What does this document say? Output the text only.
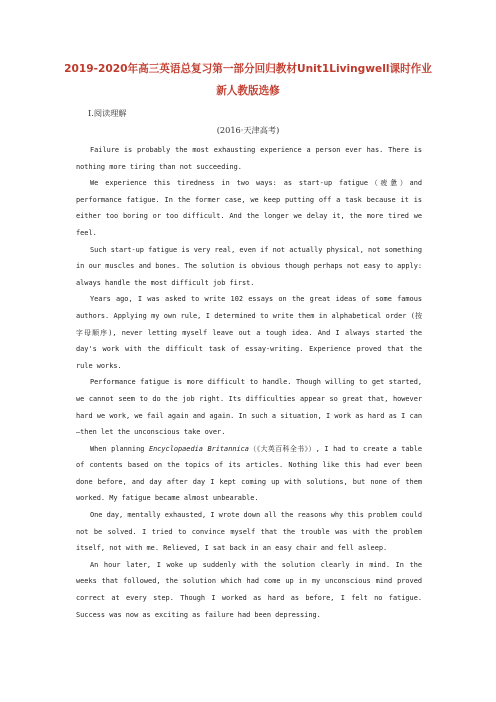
2019-2020年高三英语总复习第一部分回归教材Unit1Livingwell课时作业新人教版选修
Ⅰ.阅读理解
(2016·天津高考)

Failure is probably the most exhausting experience a person ever has. There is nothing more tiring than not succeeding.

We experience this tiredness in two ways: as start-up fatigue（疲惫）and performance fatigue. In the former case, we keep putting off a task because it is either too boring or too difficult. And the longer we delay it, the more tired we feel.

Such start-up fatigue is very real, even if not actually physical, not something in our muscles and bones. The solution is obvious though perhaps not easy to apply: always handle the most difficult job first.

Years ago, I was asked to write 102 essays on the great ideas of some famous authors. Applying my own rule, I determined to write them in alphabetical order (按字母顺序), never letting myself leave out a tough idea. And I always started the day's work with the difficult task of essay-writing. Experience proved that the rule works.

Performance fatigue is more difficult to handle. Though willing to get started, we cannot seem to do the job right. Its difficulties appear so great that, however hard we work, we fail again and again. In such a situation, I work as hard as I can—then let the unconscious take over.

When planning Encyclopaedia Britannica（《大英百科全书》）, I had to create a table of contents based on the topics of its articles. Nothing like this had ever been done before, and day after day I kept coming up with solutions, but none of them worked. My fatigue became almost unbearable.

One day, mentally exhausted, I wrote down all the reasons why this problem could not be solved. I tried to convince myself that the trouble was with the problem itself, not with me. Relieved, I sat back in an easy chair and fell asleep.

An hour later, I woke up suddenly with the solution clearly in mind. In the weeks that followed, the solution which had come up in my unconscious mind proved correct at every step. Though I worked as hard as before, I felt no fatigue. Success was now as exciting as failure had been depressing.
